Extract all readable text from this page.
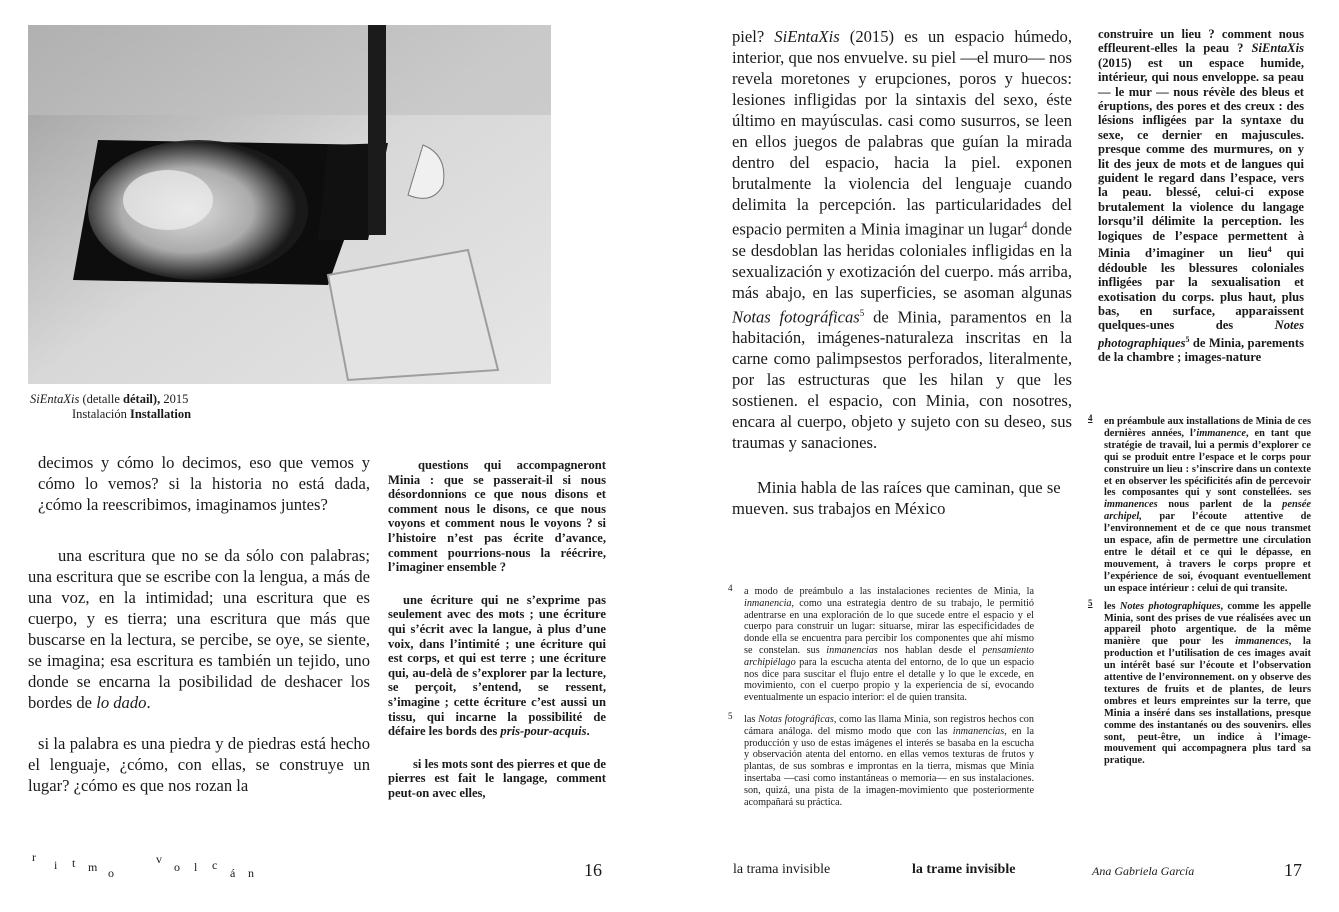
SiEntaXis (detalle détail), 2015
Instalación Installation

decimos y cómo lo decimos, eso que vemos y cómo lo vemos? si la historia no está dada, ¿cómo la reescribimos, imaginamos juntes?

una escritura que no se da sólo con palabras; una escritura que se escribe con la lengua, a más de una voz, en la intimidad; una escritura que es cuerpo, y es tierra; una escritura que más que buscarse en la lectura, se percibe, se oye, se siente, se imagina; esa escritura es también un tejido, uno donde se encarna la posibilidad de deshacer los bordes de lo dado.

si la palabra es una piedra y de piedras está hecho el lenguaje, ¿cómo, con ellas, se construye un lugar? ¿cómo es que nos rozan la

questions qui accompagneront Minia : que se passerait-il si nous désordonnions ce que nous disons et comment nous le disons, ce que nous voyons et comment nous le voyons ? si l’histoire n’est pas écrite d’avance, comment pourrions-nous la réécrire, l’imaginer ensemble ?

une écriture qui ne s’exprime pas seulement avec des mots ; une écriture qui s’écrit avec la langue, à plus d’une voix, dans l’intimité ; une écriture qui est corps, et qui est terre ; une écriture qui, au-delà de s’explorer par la lecture, se perçoit, s’entend, se ressent, s’imagine ; cette écriture c’est aussi un tissu, qui incarne la possibilité de défaire les bords des pris-pour-acquis.

si les mots sont des pierres et que de pierres est fait le langage, comment peut-on avec elles,

piel? SiEntaXis (2015) es un espacio húmedo, interior, que nos envuelve. su piel —el muro— nos revela moretones y erupciones, poros y huecos: lesiones infligidas por la sintaxis del sexo, éste último en mayúsculas. casi como susurros, se leen en ellos juegos de palabras que guían la mirada dentro del espacio, hacia la piel. exponen brutalmente la violencia del lenguaje cuando delimita la percepción. las particularidades del espacio permiten a Minia imaginar un lugar$^4$ donde se desdoblan las heridas coloniales infligidas en la sexualización y exotización del cuerpo. más arriba, más abajo, en las superficies, se asoman algunas Notas fotográficas$^5$ de Minia, paramentos en la habitación, imágenes-naturaleza inscritas en la carne como palimpsestos perforados, literalmente, por las estructuras que les hilan y que les sostienen. el espacio, con Minia, con nosotres, encara al cuerpo, objeto y sujeto con su deseo, sus traumas y sanaciones.

Minia habla de las raíces que caminan, que se mueven. sus trabajos en México

construire un lieu ? comment nous effleurent-elles la peau ? SiEntaXis (2015) est un espace humide, intérieur, qui nous enveloppe. sa peau — le mur — nous révèle des bleus et éruptions, des pores et des creux : des lésions infligées par la syntaxe du sexe, ce dernier en majuscules. presque comme des murmures, on y lit des jeux de mots et de langues qui guident le regard dans l’espace, vers la peau. blessé, celui-ci expose brutalement la violence du langage lorsqu’il délimite la perception. les logiques de l’espace permettent à Minia d’imaginer un lieu$^4$ qui dédouble les blessures coloniales infligées par la sexualisation et exotisation du corps. plus haut, plus bas, en surface, apparaissent quelques-unes des Notes photographiques$^5$ de Minia, parements de la chambre ; images-nature

4 a modo de preámbulo a las instalaciones recientes de Minia, la inmanencia, como una estrategia dentro de su trabajo, le permitió adentrarse en una exploración de lo que sucede entre el espacio y el cuerpo para construir un lugar: situarse, mirar las especificidades de donde ella se encuentra para percibir los componentes que ahí mismo se constelan. sus inmanencias nos hablan desde el pensamiento archipiélago para la escucha atenta del entorno, de lo que un espacio nos dice para suscitar el flujo entre el detalle y lo que le excede, en movimiento, con el cuerpo propio y la experiencia de sí, evocando eventualmente un espacio interior: el de quien transita.
5 las Notas fotográficas, como las llama Minia, son registros hechos con cámara análoga. del mismo modo que con las inmanencias, en la producción y uso de estas imágenes el interés se basaba en la escucha y observación atenta del entorno. en ellas vemos texturas de frutos y plantas, de sus sombras e improntas en la tierra, mismas que Minia insertaba —casi como instantáneas o memoria— en sus instalaciones. son, quizá, una pista de la imagen-movimiento que posteriormente acompañará su práctica.
4 en préambule aux installations de Minia de ces dernières années, l’immanence, en tant que stratégie de travail, lui a permis d’explorer ce qui se produit entre l’espace et le corps pour construire un lieu : s’inscrire dans un contexte et en observer les spécificités afin de percevoir les composantes qui y sont constellées. ses immanences nous parlent de la pensée archipel, par l’écoute attentive de l’environnement et de ce que nous transmet un espace, afin de permettre une circulation entre le détail et ce qui le dépasse, en mouvement, à travers le corps propre et l’expérience de soi, évoquant eventuellement un espace intérieur : celui de qui transite.
5 les Notes photographiques, comme les appelle Minia, sont des prises de vue réalisées avec un appareil photo argentique. de la même manière que pour les immanences, la production et l’utilisation de ces images avait un intérêt basé sur l’écoute et l’observation attentive de l’environnement. on y observe des textures de fruits et de plantes, de leurs ombres et leurs empreintes sur la terre, que Minia a inséré dans ses installations, presque comme des instantanés ou des souvenirs. elles sont, peut-être, un indice à l’image-mouvement qui accompagnera plus tard sa pratique.
r
i t m o
v
o l c
á n	16	la trama invisible	la trame invisible	Ana Gabriela García	17
